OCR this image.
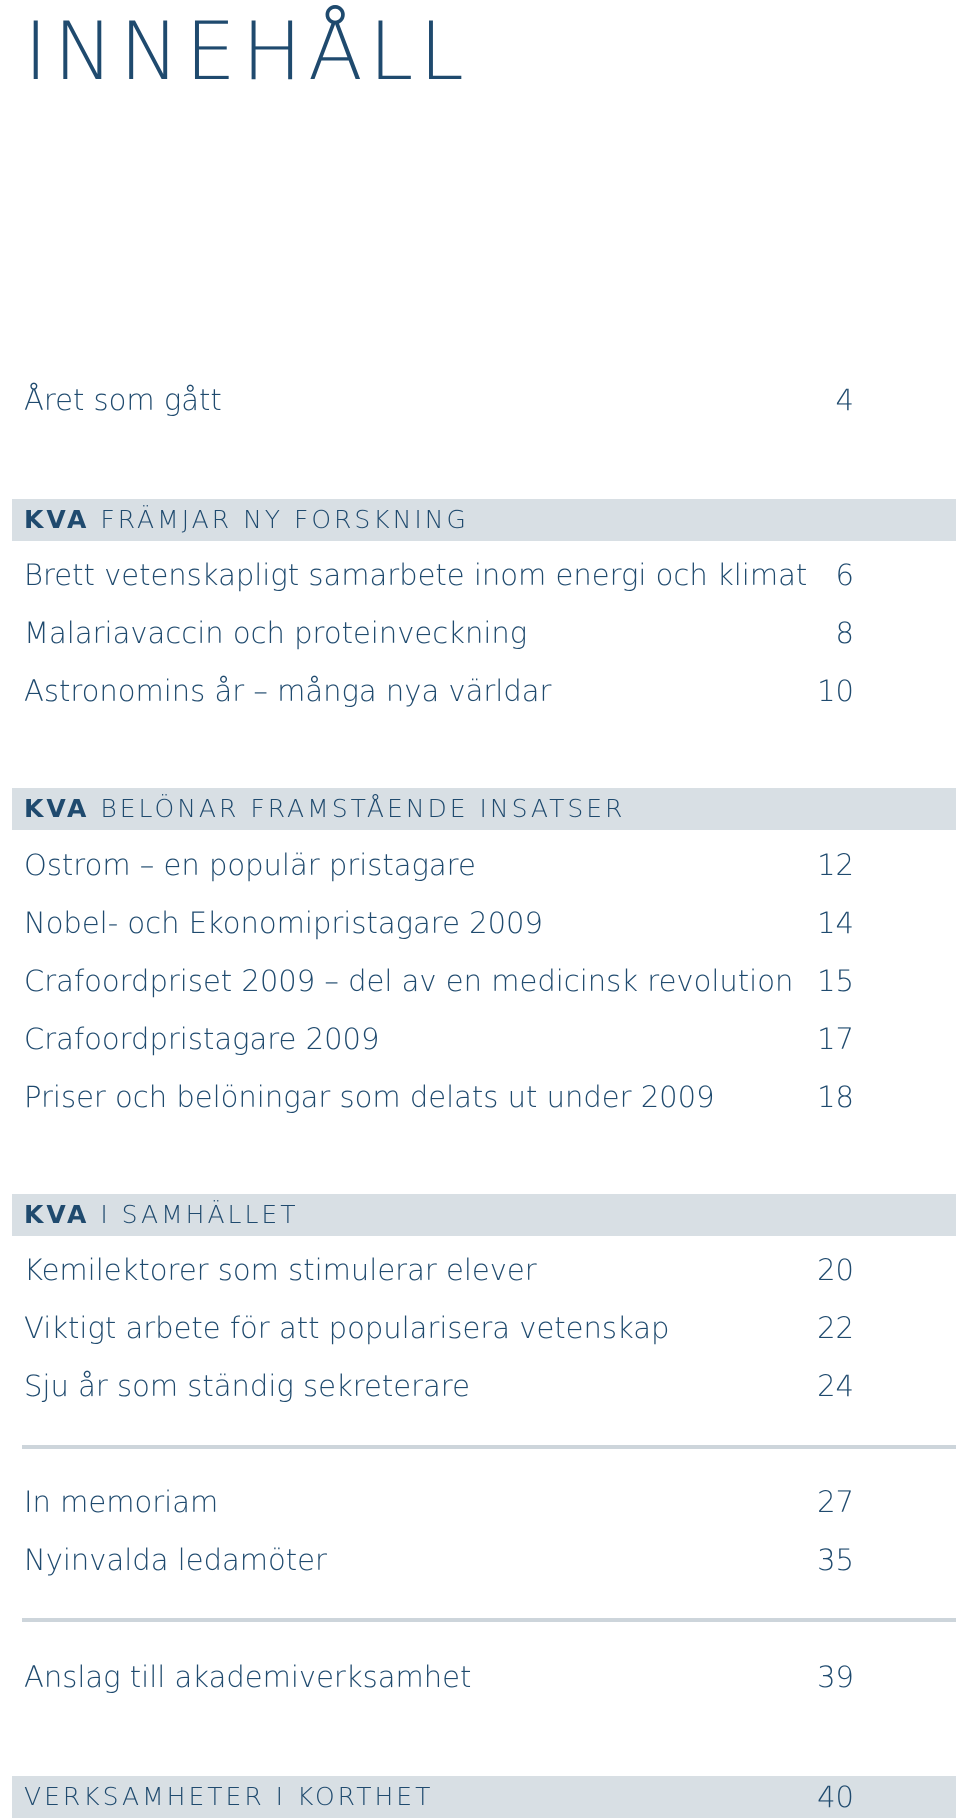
INNEHÅLL
Året som gått	4
KVA FRÄMJAR NY FORSKNING
Brett vetenskapligt samarbete inom energi och klimat 6
Malariavaccin och proteinveckning	8
Astronomins år – många nya världar	10
KVA BELÖNAR FRAMSTÅENDE INSATSER
Ostrom – en populär pristagare	12
Nobel- och Ekonomipristagare 2009	14
Crafoordpriset 2009 – del av en medicinsk revolution 15
Crafoordpristagare 2009	17
Priser och belöningar som delats ut under 2009	18
KVA I SAMHÄLLET
Kemilektorer som stimulerar elever	20
Viktigt arbete för att popularisera vetenskap	22
Sju år som ständig sekreterare	24
In memoriam	27
Nyinvalda ledamöter	35
Anslag till akademiverksamhet	39
VERKSAMHETER I KORTHET	40
